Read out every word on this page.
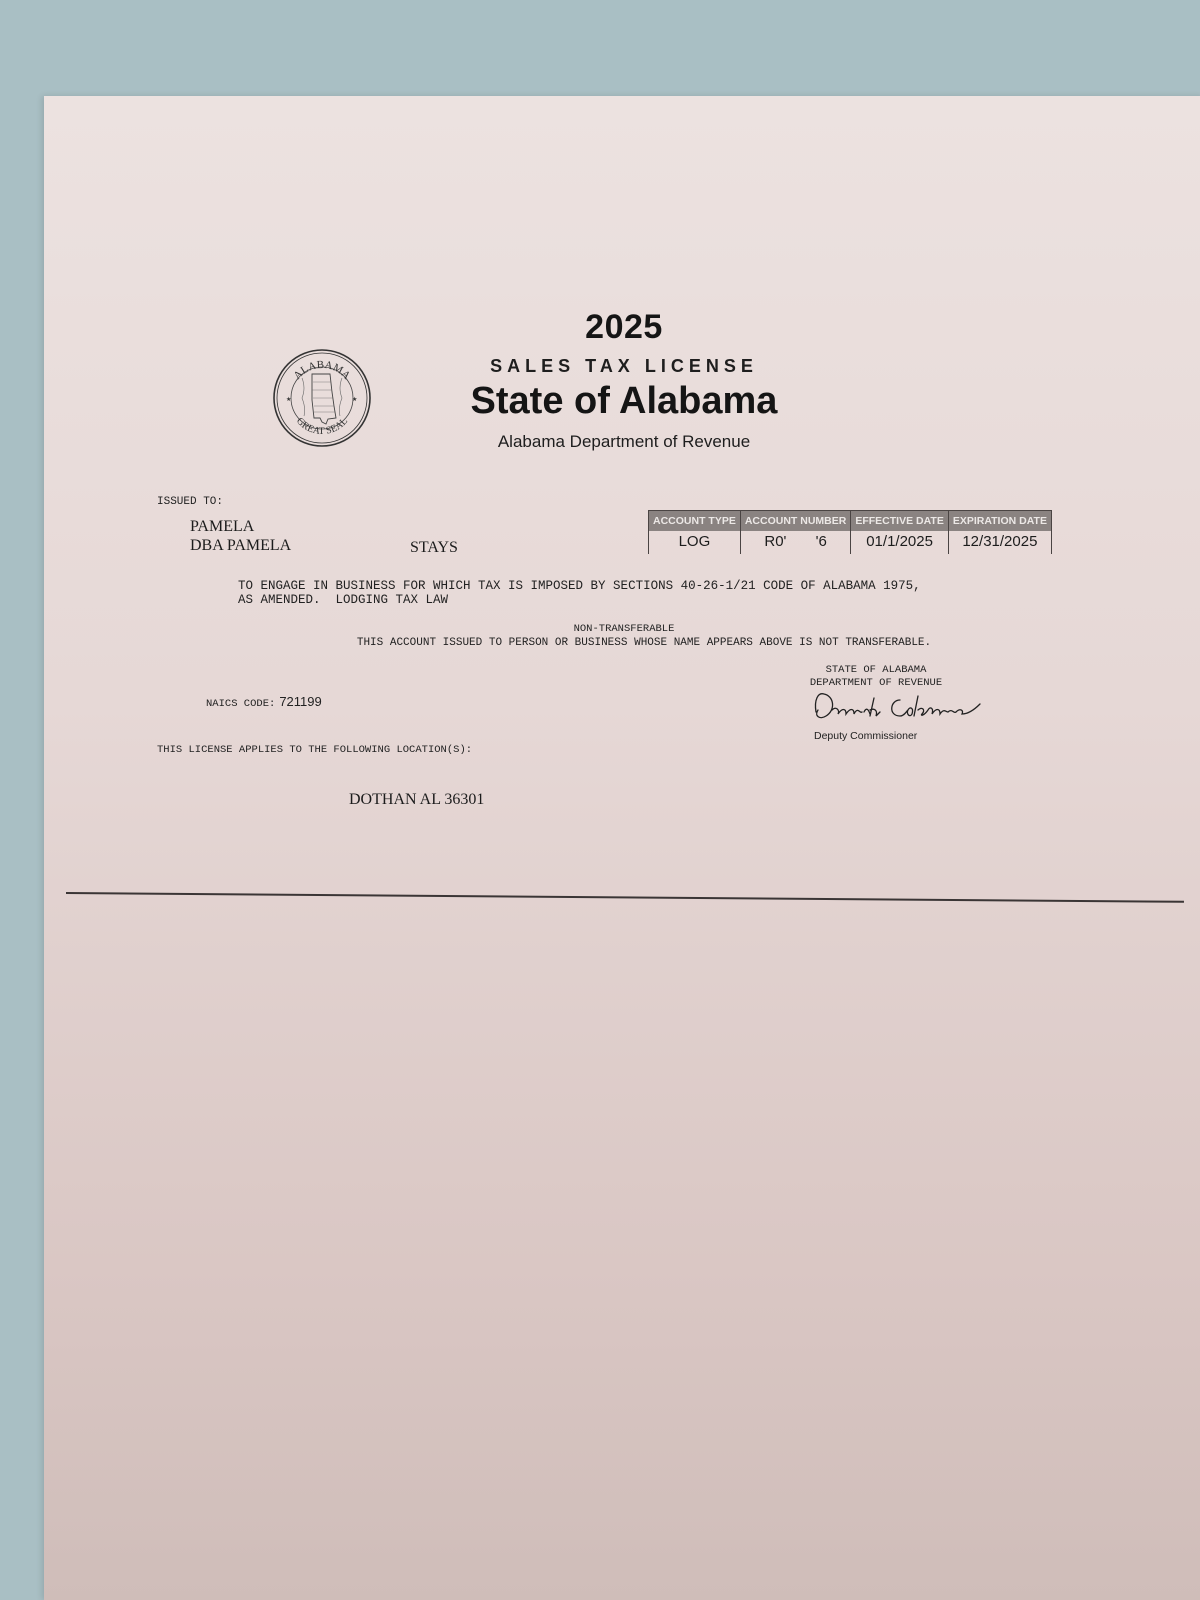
2025
SALES TAX LICENSE
State of Alabama
Alabama Department of Revenue
ALABAMA
GREAT SEAL
★	★
ISSUED TO:
PAMELA
DBA PAMELA	STAYS
ACCOUNT TYPE	ACCOUNT NUMBER	EFFECTIVE DATE	EXPIRATION DATE
LOG	R0'       '6	01/1/2025	12/31/2025
TO ENGAGE IN BUSINESS FOR WHICH TAX IS IMPOSED BY SECTIONS 40-26-1/21 CODE OF ALABAMA 1975,
AS AMENDED.  LODGING TAX LAW
NON-TRANSFERABLE
THIS ACCOUNT ISSUED TO PERSON OR BUSINESS WHOSE NAME APPEARS ABOVE IS NOT TRANSFERABLE.
STATE OF ALABAMA
DEPARTMENT OF REVENUE
Deputy Commissioner
NAICS CODE: 721199
THIS LICENSE APPLIES TO THE FOLLOWING LOCATION(S):
DOTHAN AL 36301
